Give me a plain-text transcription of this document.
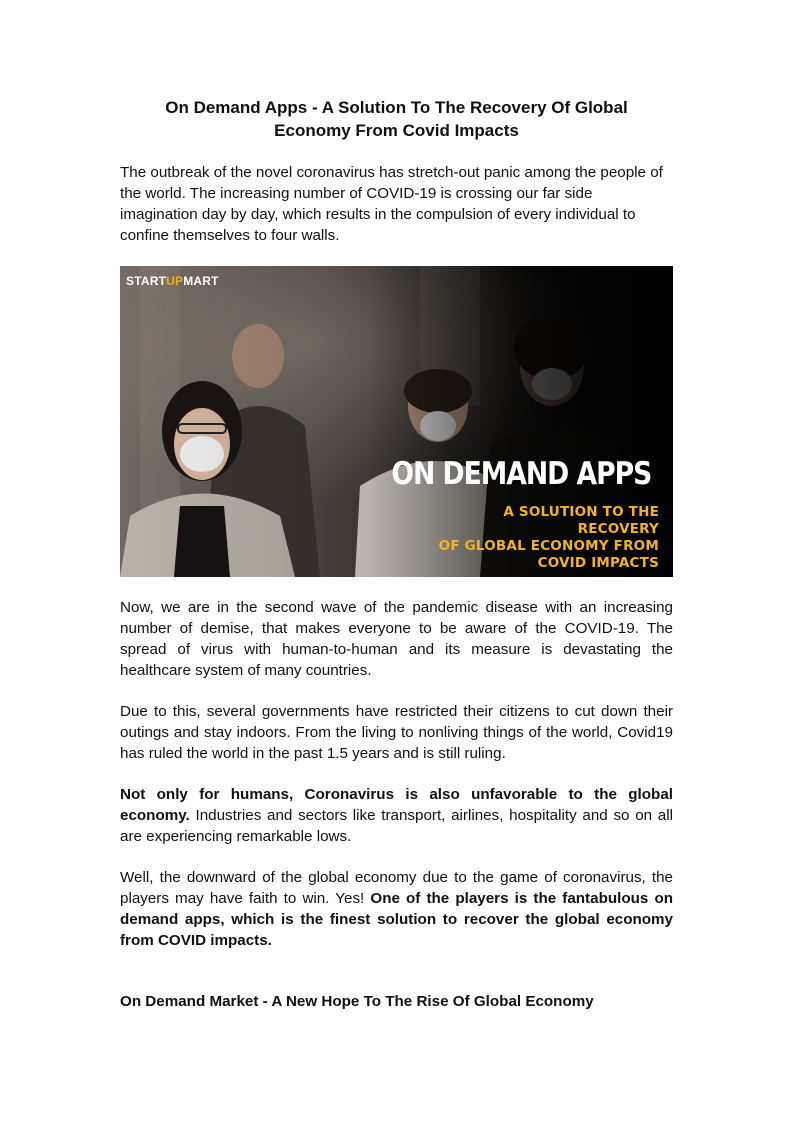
On Demand Apps - A Solution To The Recovery Of Global
Economy From Covid Impacts

The outbreak of the novel coronavirus has stretch-out panic among the people of the world. The increasing number of COVID-19 is crossing our far side imagination day by day, which results in the compulsion of every individual to confine themselves to four walls.

STARTUPMART
ON DEMAND APPS
A SOLUTION TO THE RECOVERY
OF GLOBAL ECONOMY FROM
COVID IMPACTS

Now, we are in the second wave of the pandemic disease with an increasing number of demise, that makes everyone to be aware of the COVID-19. The spread of virus with human-to-human and its measure is devastating the healthcare system of many countries.

Due to this, several governments have restricted their citizens to cut down their outings and stay indoors. From the living to nonliving things of the world, Covid19 has ruled the world in the past 1.5 years and is still ruling.

Not only for humans, Coronavirus is also unfavorable to the global economy. Industries and sectors like transport, airlines, hospitality and so on all are experiencing remarkable lows.

Well, the downward of the global economy due to the game of coronavirus, the players may have faith to win. Yes! One of the players is the fantabulous on demand apps, which is the finest solution to recover the global economy from COVID impacts.

On Demand Market - A New Hope To The Rise Of Global Economy
